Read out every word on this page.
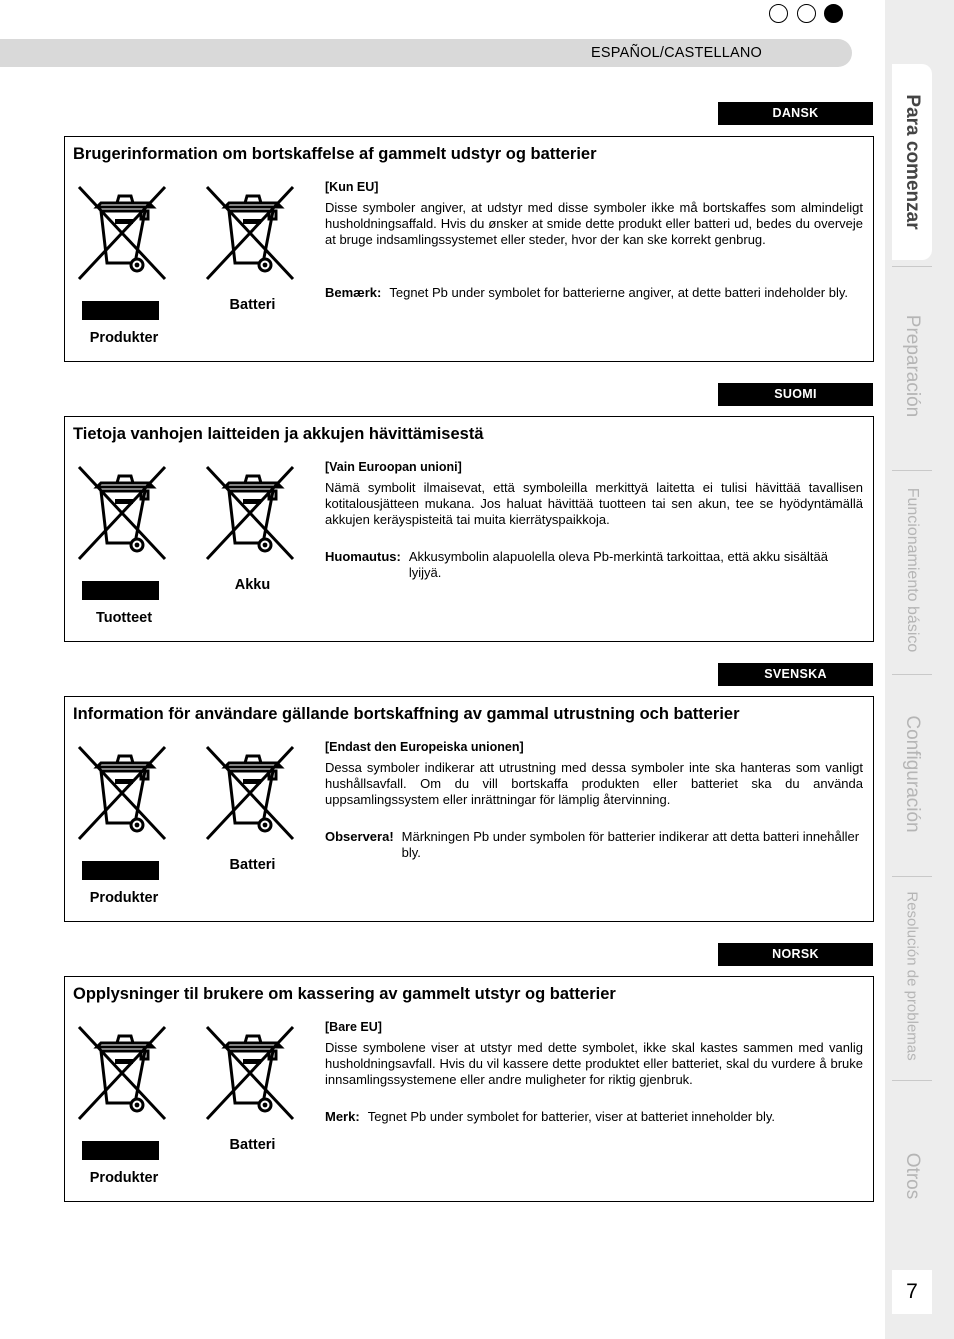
ESPAÑOL/CASTELLANO
DANSK
Brugerinformation om bortskaffelse af gammelt udstyr og batterier
Batteri
Produkter
[Kun EU]

Disse symboler angiver, at udstyr med disse symboler ikke må bortskaffes som almindeligt husholdningsaffald. Hvis du ønsker at smide dette produkt eller batteri ud, bedes du overveje at bruge indsamlingssystemet eller steder, hvor der kan ske korrekt genbrug.

Bemærk: Tegnet Pb under symbolet for batterierne angiver, at dette batteri indeholder bly.
SUOMI
Tietoja vanhojen laitteiden ja akkujen hävittämisestä
Akku
Tuotteet
[Vain Euroopan unioni]

Nämä symbolit ilmaisevat, että symboleilla merkittyä laitetta ei tulisi hävittää tavallisen kotitalousjätteen mukana. Jos haluat hävittää tuotteen tai sen akun, tee se hyödyntämällä akkujen keräyspisteitä tai muita kierrätyspaikkoja.

Huomautus: Akkusymbolin alapuolella oleva Pb-merkintä tarkoittaa, että akku sisältää lyijyä.
SVENSKA
Information för användare gällande bortskaffning av gammal utrustning och batterier
Batteri
Produkter
[Endast den Europeiska unionen]

Dessa symboler indikerar att utrustning med dessa symboler inte ska hanteras som vanligt hushållsavfall. Om du vill bortskaffa produkten eller batteriet ska du använda uppsamlingssystem eller inrättningar för lämplig återvinning.

Observera! Märkningen Pb under symbolen för batterier indikerar att detta batteri innehåller bly.
NORSK
Opplysninger til brukere om kassering av gammelt utstyr og batterier
Batteri
Produkter
[Bare EU]

Disse symbolene viser at utstyr med dette symbolet, ikke skal kastes sammen med vanlig husholdningsavfall. Hvis du vil kassere dette produktet eller batteriet, skal du vurdere å bruke innsamlingssystemene eller andre muligheter for riktig gjenbruk.

Merk: Tegnet Pb under symbolet for batterier, viser at batteriet inneholder bly.
Para comenzar
Preparación
Funcionamiento básico
Configuración
Resolución de problemas
Otros
7
